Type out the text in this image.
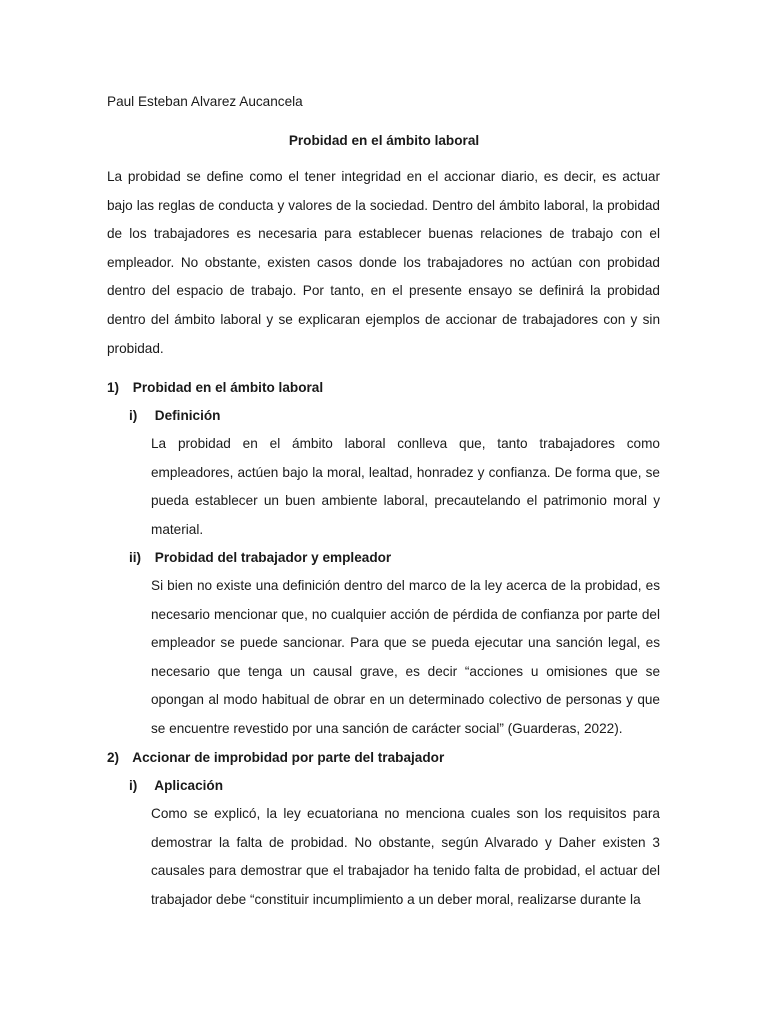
Paul Esteban Alvarez Aucancela
Probidad en el ámbito laboral

La probidad se define como el tener integridad en el accionar diario, es decir, es actuar bajo las reglas de conducta y valores de la sociedad. Dentro del ámbito laboral, la probidad de los trabajadores es necesaria para establecer buenas relaciones de trabajo con el empleador. No obstante, existen casos donde los trabajadores no actúan con probidad dentro del espacio de trabajo. Por tanto, en el presente ensayo se definirá la probidad dentro del ámbito laboral y se explicaran ejemplos de accionar de trabajadores con y sin probidad.

1) Probidad en el ámbito laboral
i) Definición

La probidad en el ámbito laboral conlleva que, tanto trabajadores como empleadores, actúen bajo la moral, lealtad, honradez y confianza. De forma que, se pueda establecer un buen ambiente laboral, precautelando el patrimonio moral y material.

ii) Probidad del trabajador y empleador

Si bien no existe una definición dentro del marco de la ley acerca de la probidad, es necesario mencionar que, no cualquier acción de pérdida de confianza por parte del empleador se puede sancionar. Para que se pueda ejecutar una sanción legal, es necesario que tenga un causal grave, es decir “acciones u omisiones que se opongan al modo habitual de obrar en un determinado colectivo de personas y que se encuentre revestido por una sanción de carácter social” (Guarderas, 2022).

2) Accionar de improbidad por parte del trabajador
i) Aplicación

Como se explicó, la ley ecuatoriana no menciona cuales son los requisitos para demostrar la falta de probidad. No obstante, según Alvarado y Daher existen 3 causales para demostrar que el trabajador ha tenido falta de probidad, el actuar del trabajador debe “constituir incumplimiento a un deber moral, realizarse durante la
